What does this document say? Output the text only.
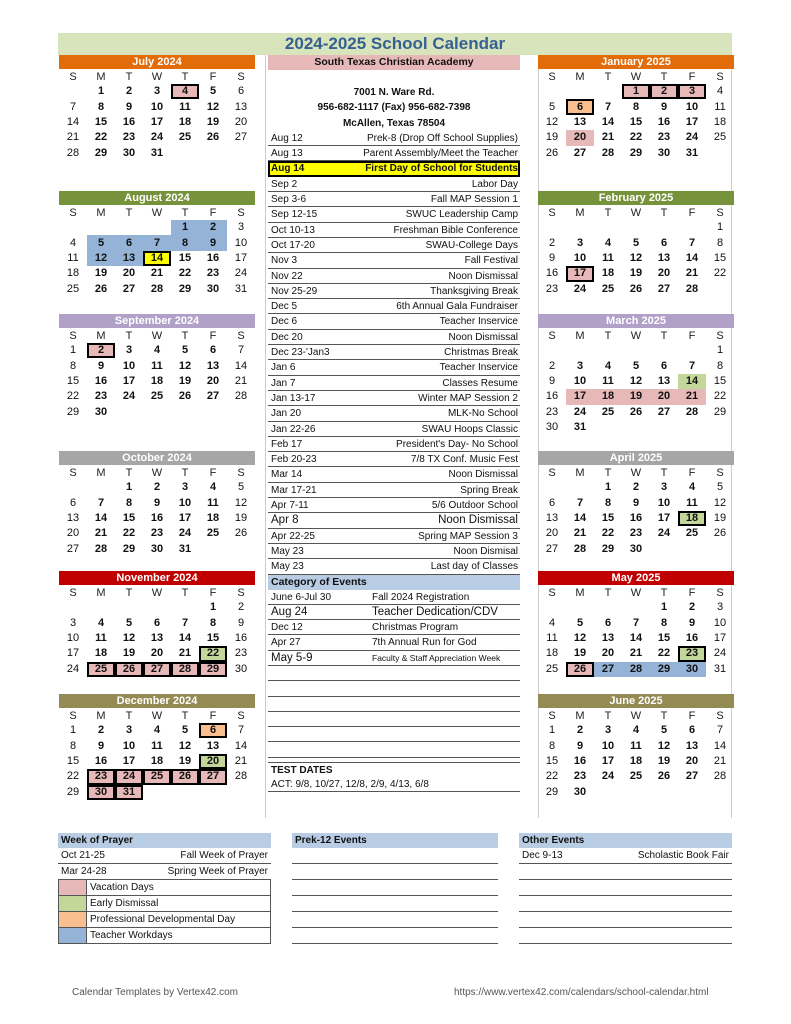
2024-2025 School Calendar
July 2024
S	M	T	W	T	F	S
	1	2	3	4	5	6
7	8	9	10	11	12	13
14	15	16	17	18	19	20
21	22	23	24	25	26	27
28	29	30	31			

August 2024
S	M	T	W	T	F	S
				1	2	3
4	5	6	7	8	9	10
11	12	13	14	15	16	17
18	19	20	21	22	23	24
25	26	27	28	29	30	31

September 2024
S	M	T	W	T	F	S
1	2	3	4	5	6	7
8	9	10	11	12	13	14
15	16	17	18	19	20	21
22	23	24	25	26	27	28
29	30					

October 2024
S	M	T	W	T	F	S
		1	2	3	4	5
6	7	8	9	10	11	12
13	14	15	16	17	18	19
20	21	22	23	24	25	26
27	28	29	30	31		

November 2024
S	M	T	W	T	F	S
					1	2
3	4	5	6	7	8	9
10	11	12	13	14	15	16
17	18	19	20	21	22	23
24	25	26	27	28	29	30

December 2024
S	M	T	W	T	F	S
1	2	3	4	5	6	7
8	9	10	11	12	13	14
15	16	17	18	19	20	21
22	23	24	25	26	27	28
29	30	31				

January 2025
S	M	T	W	T	F	S
			1	2	3	4
5	6	7	8	9	10	11
12	13	14	15	16	17	18
19	20	21	22	23	24	25
26	27	28	29	30	31	

February 2025
S	M	T	W	T	F	S
						1
2	3	4	5	6	7	8
9	10	11	12	13	14	15
16	17	18	19	20	21	22
23	24	25	26	27	28	

March 2025
S	M	T	W	T	F	S
						1
2	3	4	5	6	7	8
9	10	11	12	13	14	15
16	17	18	19	20	21	22
23	24	25	26	27	28	29
30	31					
April 2025
S	M	T	W	T	F	S
		1	2	3	4	5
6	7	8	9	10	11	12
13	14	15	16	17	18	19
20	21	22	23	24	25	26
27	28	29	30			

May 2025
S	M	T	W	T	F	S
				1	2	3
4	5	6	7	8	9	10
11	12	13	14	15	16	17
18	19	20	21	22	23	24
25	26	27	28	29	30	31

June 2025
S	M	T	W	T	F	S
1	2	3	4	5	6	7
8	9	10	11	12	13	14
15	16	17	18	19	20	21
22	23	24	25	26	27	28
29	30					

South Texas Christian Academy
7001 N. Ware Rd.
956-682-1117 (Fax) 956-682-7398
McAllen, Texas 78504
Aug 12	Prek-8 (Drop Off School Supplies)
Aug 13	Parent Assembly/Meet the Teacher
Aug 14	First Day of School for Students
Sep 2	Labor Day
Sep 3-6	Fall MAP Session 1
Sep 12-15	SWUC Leadership Camp
Oct 10-13	Freshman Bible Conference
Oct 17-20	SWAU-College Days
Nov 3	Fall Festival
Nov 22	Noon Dismissal
Nov 25-29	Thanksgiving Break
Dec 5	6th Annual Gala Fundraiser
Dec 6	Teacher Inservice
Dec 20	Noon Dismissal
Dec 23-'Jan3	Christmas Break
Jan 6	Teacher Inservice
Jan 7	Classes Resume
Jan 13-17	Winter MAP Session 2
Jan 20	MLK-No School
Jan 22-26	SWAU Hoops Classic
Feb 17	President's Day- No School
Feb 20-23	7/8 TX Conf. Music Fest
Mar 14	Noon Dismissal
Mar 17-21	Spring Break
Apr 7-11	5/6 Outdoor School
Apr 8	Noon Dismissal
Apr 22-25	Spring MAP Session 3
May 23	Noon Dismisal
May 23	Last day of Classes
Category of Events
June 6-Jul 30	Fall 2024 Registration
Aug 24	Teacher Dedication/CDV
Dec 12	Christmas Program
Apr 27	7th Annual Run for God
May 5-9	Faculty & Staff Appreciation Week
TEST DATES
ACT: 9/8, 10/27, 12/8, 2/9, 4/13, 6/8
Week of Prayer
Oct 21-25	Fall Week of Prayer
Mar 24-28	Spring Week of Prayer
Vacation Days
Early Dismissal
Professional Developmental Day
Teacher Workdays
Prek-12 Events	Other Events
Dec 9-13	Scholastic Book Fair
Calendar Templates by Vertex42.com	https://www.vertex42.com/calendars/school-calendar.html
